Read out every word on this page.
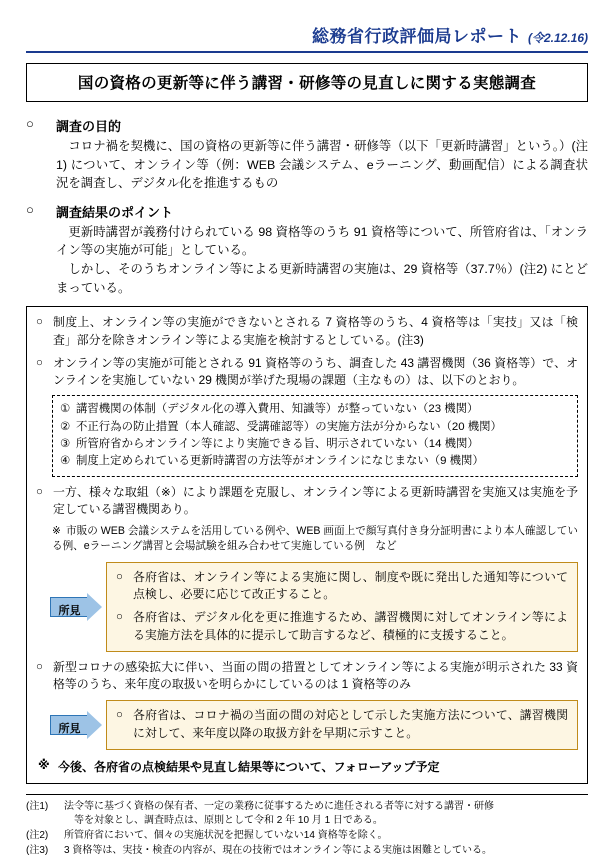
総務省行政評価局レポート (令2.12.16)
国の資格の更新等に伴う講習・研修等の見直しに関する実態調査
○	調査の目的
コロナ禍を契機に、国の資格の更新等に伴う講習・研修等（以下「更新時講習」という。）(注1) について、オンライン等（例：WEB 会議システム、eラーニング、動画配信）による調査状況を調査し、デジタル化を推進するもの
○	調査結果のポイント
更新時講習が義務付けられている 98 資格等のうち 91 資格等について、所管府省は、「オンライン等の実施が可能」としている。
しかし、そのうちオンライン等による更新時講習の実施は、29 資格等（37.7％）(注2) にとどまっている。
○ 制度上、オンライン等の実施ができないとされる 7 資格等のうち、4 資格等は「実技」又は「検査」部分を除きオンライン等による実施を検討するとしている。(注3)
○ オンライン等の実施が可能とされる 91 資格等のうち、調査した 43 講習機関（36 資格等）で、オンラインを実施していない 29 機関が挙げた現場の課題（主なもの）は、以下のとおり。
① 講習機関の体制（デジタル化の導入費用、知識等）が整っていない（23 機関）
② 不正行為の防止措置（本人確認、受講確認等）の実施方法が分からない（20 機関）
③ 所管府省からオンライン等により実施できる旨、明示されていない（14 機関）
④ 制度上定められている更新時講習の方法等がオンラインになじまない（9 機関）
○ 一方、様々な取組（※）により課題を克服し、オンライン等による更新時講習を実施又は実施を予定している講習機関あり。
※ 市販の WEB 会議システムを活用している例や、WEB 画面上で顔写真付き身分証明書により本人確認している例、eラーニング講習と会場試験を組み合わせて実施している例　など
所見
○ 各府省は、オンライン等による実施に関し、制度や既に発出した通知等について点検し、必要に応じて改正すること。
○ 各府省は、デジタル化を更に推進するため、講習機関に対してオンライン等による実施方法を具体的に提示して助言するなど、積極的に支援すること。
○ 新型コロナの感染拡大に伴い、当面の間の措置としてオンライン等による実施が明示された 33 資格等のうち、来年度の取扱いを明らかにしているのは 1 資格等のみ
所見
○ 各府省は、コロナ禍の当面の間の対応として示した実施方法について、講習機関に対して、来年度以降の取扱方針を早期に示すこと。
※ 今後、各府省の点検結果や見直し結果等について、フォローアップ予定
(注1)	法令等に基づく資格の保有者、一定の業務に従事するために進任される者等に対する講習・研修
等を対象とし、調査時点は、原則として令和 2 年 10 月 1 日である。
(注2)	所管府省において、個々の実施状況を把握していない14 資格等を除く。
(注3)	3 資格等は、実技・検査の内容が、現在の技術ではオンライン等による実施は困難としている。
